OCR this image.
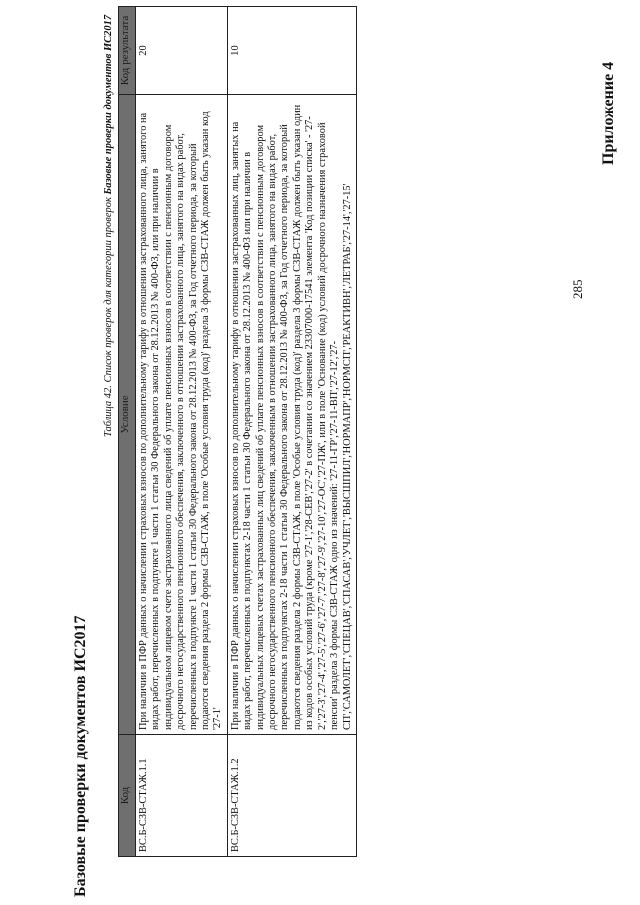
285
Приложение 4
Базовые проверки документов ИС2017
Таблица 42. Список проверок для категории проверок Базовые проверки документов ИС2017
Код	Условие	Код результата
ВС.Б-СЗВ-СТАЖ.1.1	При наличии в ПФР данных о начислении страховых взносов по дополнительному тарифу в отношении застрахованного лица, занятого на видах работ, перечисленных в подпункте 1 части 1 статьи 30 Федерального закона от 28.12.2013 № 400-ФЗ, или при наличии в индивидуальном лицевом счете застрахованного лица сведений об уплате пенсионных взносов в соответствии с пенсионным договором досрочного негосударственного пенсионного обеспечения, заключенного в отношении застрахованного лица, занятого на видах работ, перечисленных в подпункте 1 части 1 статьи 30 Федерального закона от 28.12.2013 № 400-ФЗ, за Год отчетного периода, за который подаются сведения раздела 2 формы СЗВ-СТАЖ, в поле 'Особые условия труда (код)' раздела 3 формы СЗВ-СТАЖ должен быть указан код '27-1'	20
ВС.Б-СЗВ-СТАЖ.1.2	При наличии в ПФР данных о начислении страховых взносов по дополнительному тарифу в отношении застрахованных лиц, занятых на видах работ, перечисленных в подпунктах 2-18 части 1 статьи 30 Федерального закона от 28.12.2013 № 400-ФЗ или при наличии в индивидуальных лицевых счетах застрахованных лиц сведений об уплате пенсионных взносов в соответствии с пенсионным договором досрочного негосударственного пенсионного обеспечения, заключенным в отношении застрахованного лица, занятого на видах работ, перечисленных в подпунктах 2-18 части 1 статьи 30 Федерального закона от 28.12.2013 № 400-ФЗ, за Год отчетного периода, за который подаются сведения раздела 2 формы СЗВ-СТАЖ, в поле 'Особые условия труда (код)' раздела 3 формы СЗВ-СТАЖ должен быть указан один из кодов особых условий труда (кроме '27-1','28-СЕВ','27-2' в сочетании со значением 23307000-17541 элемента 'Код позиции списка' - '27-2','27-3','27-4','27-5','27-6','27-7','27-8','27-9','27-10','27-ОС','27-ПЖ', или в поле 'Основание (код) условий досрочного назначения страховой пенсии' раздела 3 формы СЗВ-СТАЖ одно из значений: '27-11-ГР','27-11-ВП','27-12','27-СП','САМОЛЕТ','СПЕЦАВ','СПАСАВ','УЧЛЕТ','ВЫСШПИЛ','НОРМАПР','НОРМСП','РЕАКТИВН','ЛЕТРАБ','27-14','27-15'	10
